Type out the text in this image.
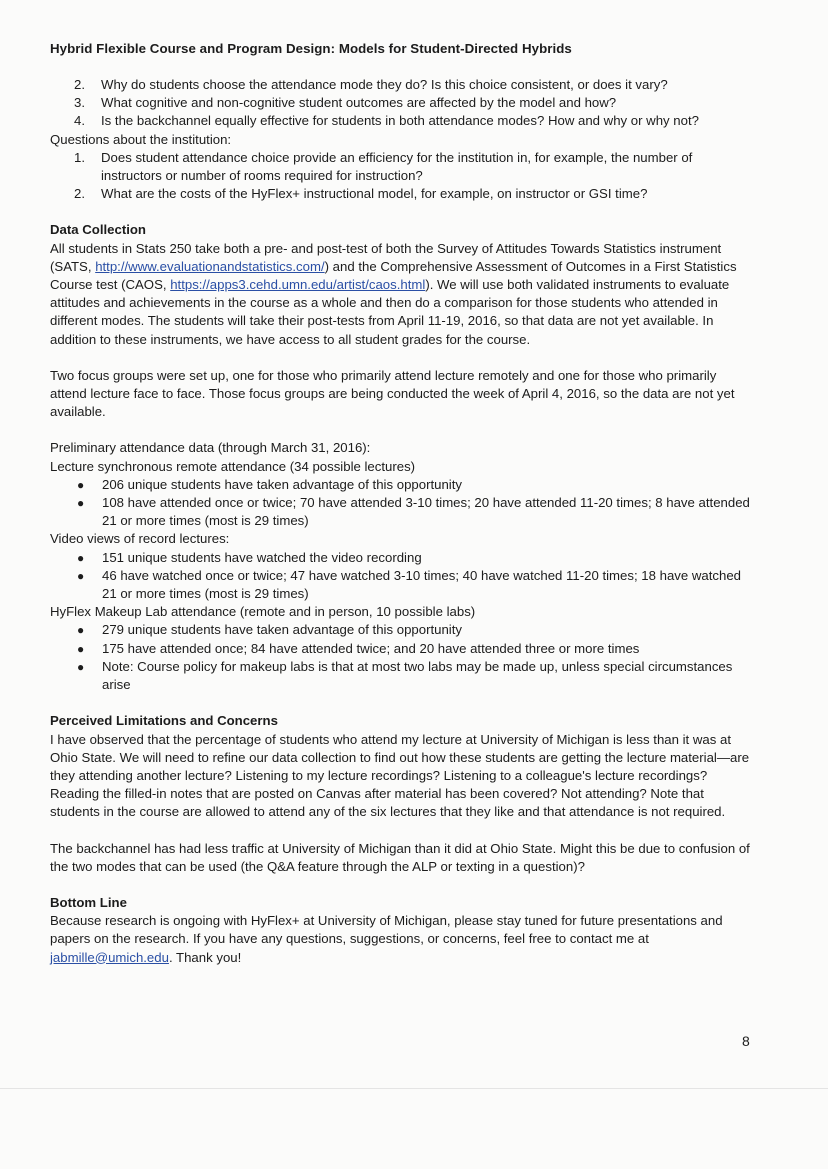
Hybrid Flexible Course and Program Design: Models for Student-Directed Hybrids
2. Why do students choose the attendance mode they do? Is this choice consistent, or does it vary?
3. What cognitive and non-cognitive student outcomes are affected by the model and how?
4. Is the backchannel equally effective for students in both attendance modes? How and why or why not?

Questions about the institution:

1. Does student attendance choice provide an efficiency for the institution in, for example, the number of instructors or number of rooms required for instruction?
2. What are the costs of the HyFlex+ instructional model, for example, on instructor or GSI time?
Data Collection

All students in Stats 250 take both a pre- and post-test of both the Survey of Attitudes Towards Statistics instrument (SATS, http://www.evaluationandstatistics.com/) and the Comprehensive Assessment of Outcomes in a First Statistics Course test (CAOS, https://apps3.cehd.umn.edu/artist/caos.html). We will use both validated instruments to evaluate attitudes and achievements in the course as a whole and then do a comparison for those students who attended in different modes. The students will take their post-tests from April 11-19, 2016, so that data are not yet available. In addition to these instruments, we have access to all student grades for the course.

Two focus groups were set up, one for those who primarily attend lecture remotely and one for those who primarily attend lecture face to face. Those focus groups are being conducted the week of April 4, 2016, so the data are not yet available.

Preliminary attendance data (through March 31, 2016):

Lecture synchronous remote attendance (34 possible lectures)

● 206 unique students have taken advantage of this opportunity
● 108 have attended once or twice; 70 have attended 3-10 times; 20 have attended 11-20 times; 8 have attended 21 or more times (most is 29 times)

Video views of record lectures:

● 151 unique students have watched the video recording
● 46 have watched once or twice; 47 have watched 3-10 times; 40 have watched 11-20 times; 18 have watched 21 or more times (most is 29 times)

HyFlex Makeup Lab attendance (remote and in person, 10 possible labs)

● 279 unique students have taken advantage of this opportunity
● 175 have attended once; 84 have attended twice; and 20 have attended three or more times
● Note: Course policy for makeup labs is that at most two labs may be made up, unless special circumstances arise
Perceived Limitations and Concerns

I have observed that the percentage of students who attend my lecture at University of Michigan is less than it was at Ohio State. We will need to refine our data collection to find out how these students are getting the lecture material—are they attending another lecture? Listening to my lecture recordings? Listening to a colleague's lecture recordings? Reading the filled-in notes that are posted on Canvas after material has been covered? Not attending? Note that students in the course are allowed to attend any of the six lectures that they like and that attendance is not required.

The backchannel has had less traffic at University of Michigan than it did at Ohio State. Might this be due to confusion of the two modes that can be used (the Q&A feature through the ALP or texting in a question)?

Bottom Line

Because research is ongoing with HyFlex+ at University of Michigan, please stay tuned for future presentations and papers on the research. If you have any questions, suggestions, or concerns, feel free to contact me at jabmille@umich.edu. Thank you!

8
